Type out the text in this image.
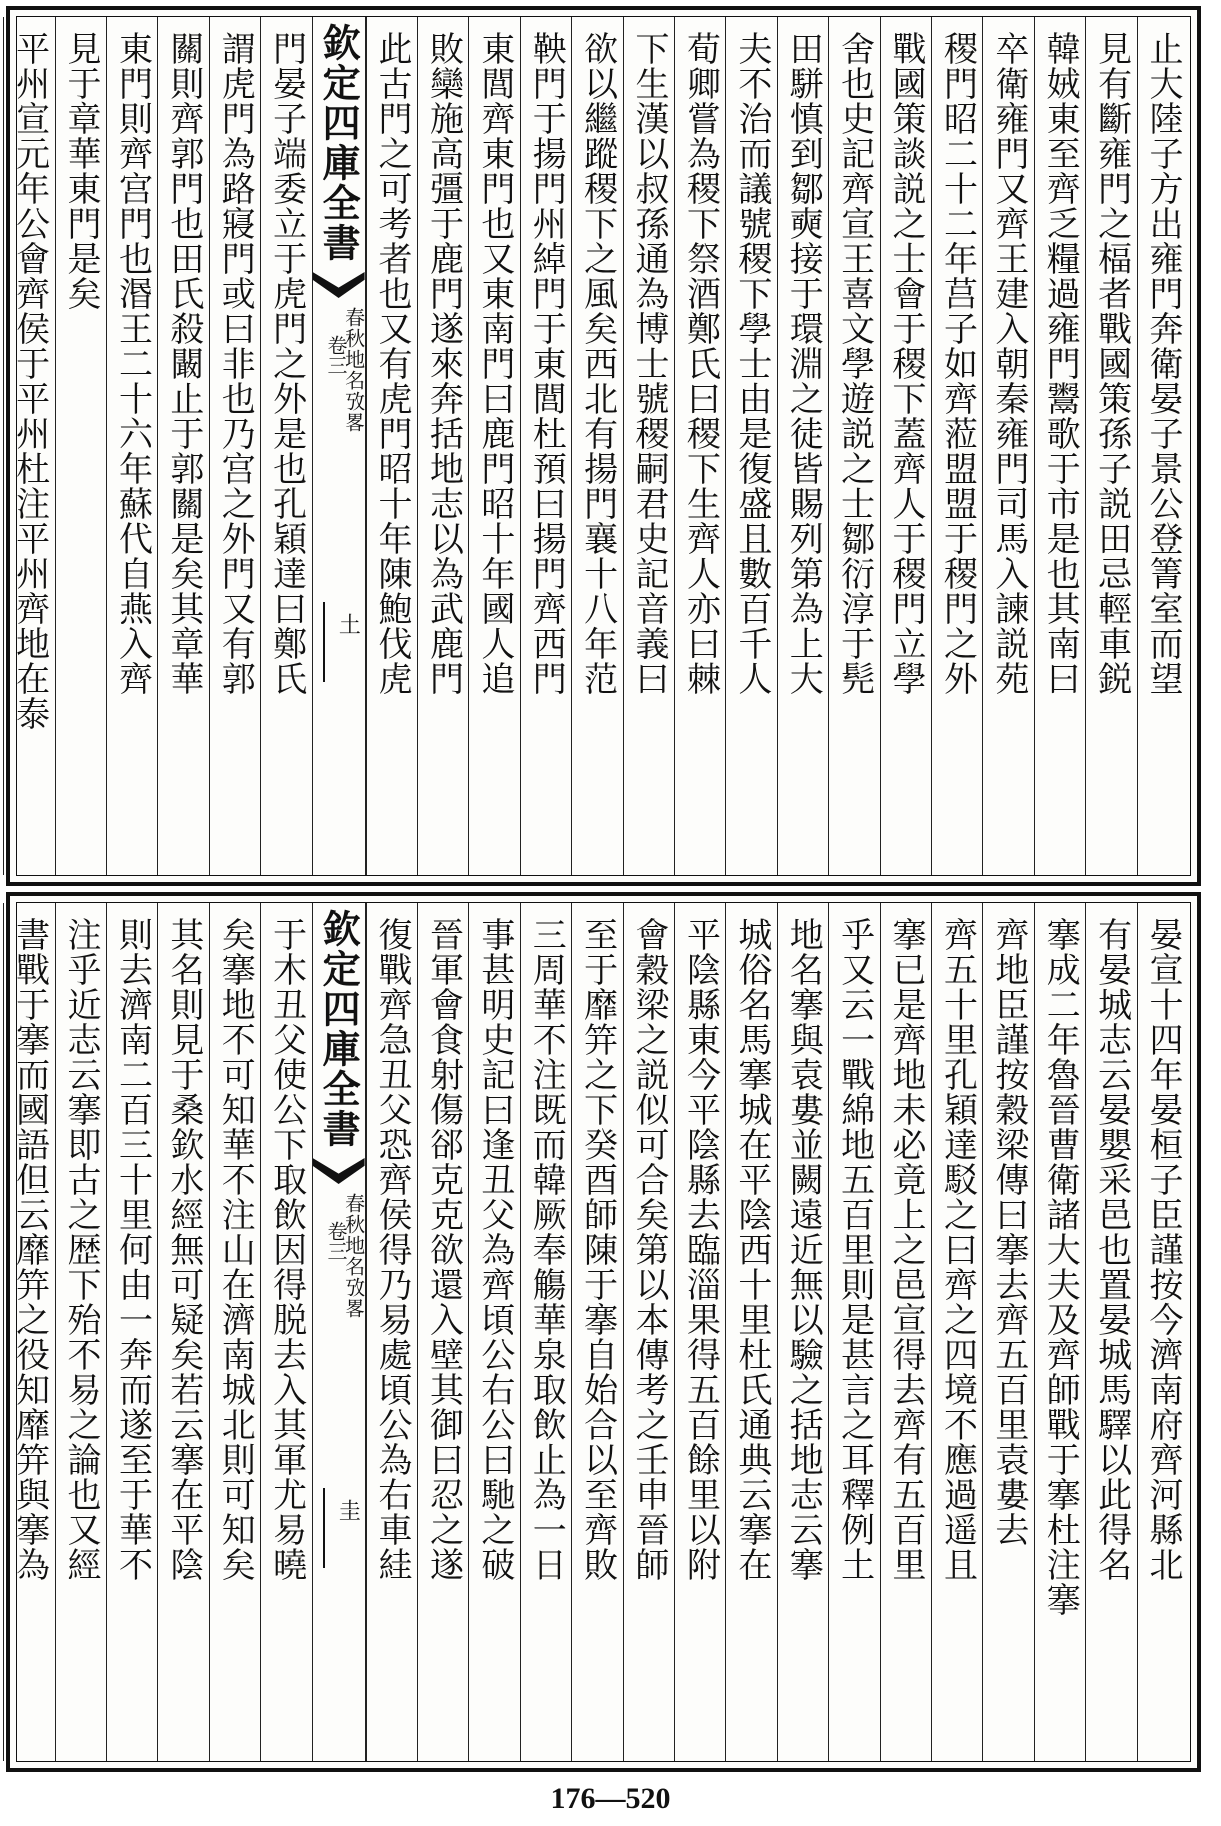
止大陸子方出雍門奔衛晏子景公登箐室而望
見有斷雍門之楅者戰國策孫子説田忌輕車鋭
韓娀東至齊乏糧過雍門鬻歌于市是也其南曰
卒衛雍門又齊王建入朝秦雍門司馬入諫説苑
稷門昭二十二年莒子如齊蒞盟盟于稷門之外
戰國策談説之士會于稷下蓋齊人于稷門立學
舍也史記齊宣王喜文學遊説之士鄒衍淳于髡
田駢慎到鄒奭接于環淵之徒皆賜列第為上大
夫不治而議號稷下學士由是復盛且數百千人
荀卿嘗為稷下祭酒鄭氏曰稷下生齊人亦曰棘
下生漢以叔孫通為博士號稷嗣君史記音義曰
欲以繼蹤稷下之風矣西北有揚門襄十八年范
鞅門于揚門州綽門于東閭杜預曰揚門齊西門
東閭齊東門也又東南門曰鹿門昭十年國人追
敗欒施高彊于鹿門遂來奔括地志以為武鹿門
此古門之可考者也又有虎門昭十年陳鮑伐虎
門晏子端委立于虎門之外是也孔穎達曰鄭氏
謂虎門為路寢門或曰非也乃宫之外門又有郭
關則齊郭門也田氏殺闞止于郭關是矣其章華
東門則齊宫門也湣王二十六年蘇代自燕入齊
見于章華東門是矣
平州宣元年公會齊侯于平州杜注平州齊地在泰	欽定四庫全書
春秋地名攷畧
卷三
土
晏宣十四年晏桓子臣謹按今濟南府齊河縣北
有晏城志云晏嬰采邑也置晏城馬驛以此得名
搴成二年魯晉曹衛諸大夫及齊師戰于搴杜注搴
齊地臣謹按穀梁傳曰搴去齊五百里袁婁去
齊五十里孔穎達駁之曰齊之四境不應過遥且
搴已是齊地未必竟上之邑宣得去齊有五百里
乎又云一戰綿地五百里則是甚言之耳釋例土
地名搴與袁婁並闕遠近無以驗之括地志云搴
城俗名馬搴城在平陰西十里杜氏通典云搴在
平陰縣東今平陰縣去臨淄果得五百餘里以附
會穀梁之説似可合矣第以本傳考之壬申晉師
至于靡笄之下癸酉師陳于搴自始合以至齊敗
三周華不注既而韓厥奉觴華泉取飲止為一日
事甚明史記曰逢丑父為齊頃公右公曰馳之破
晉軍會食射傷郤克克欲還入壁其御曰忍之遂
復戰齊急丑父恐齊侯得乃易處頃公為右車絓
于木丑父使公下取飲因得脱去入其軍尤易曉
矣搴地不可知華不注山在濟南城北則可知矣
其名則見于桑欽水經無可疑矣若云搴在平陰
則去濟南二百三十里何由一奔而遂至于華不
注乎近志云搴即古之歴下殆不易之論也又經
書戰于搴而國語但云靡笄之役知靡笄與搴為	欽定四庫全書
春秋地名攷畧
卷三
圭
176—520
